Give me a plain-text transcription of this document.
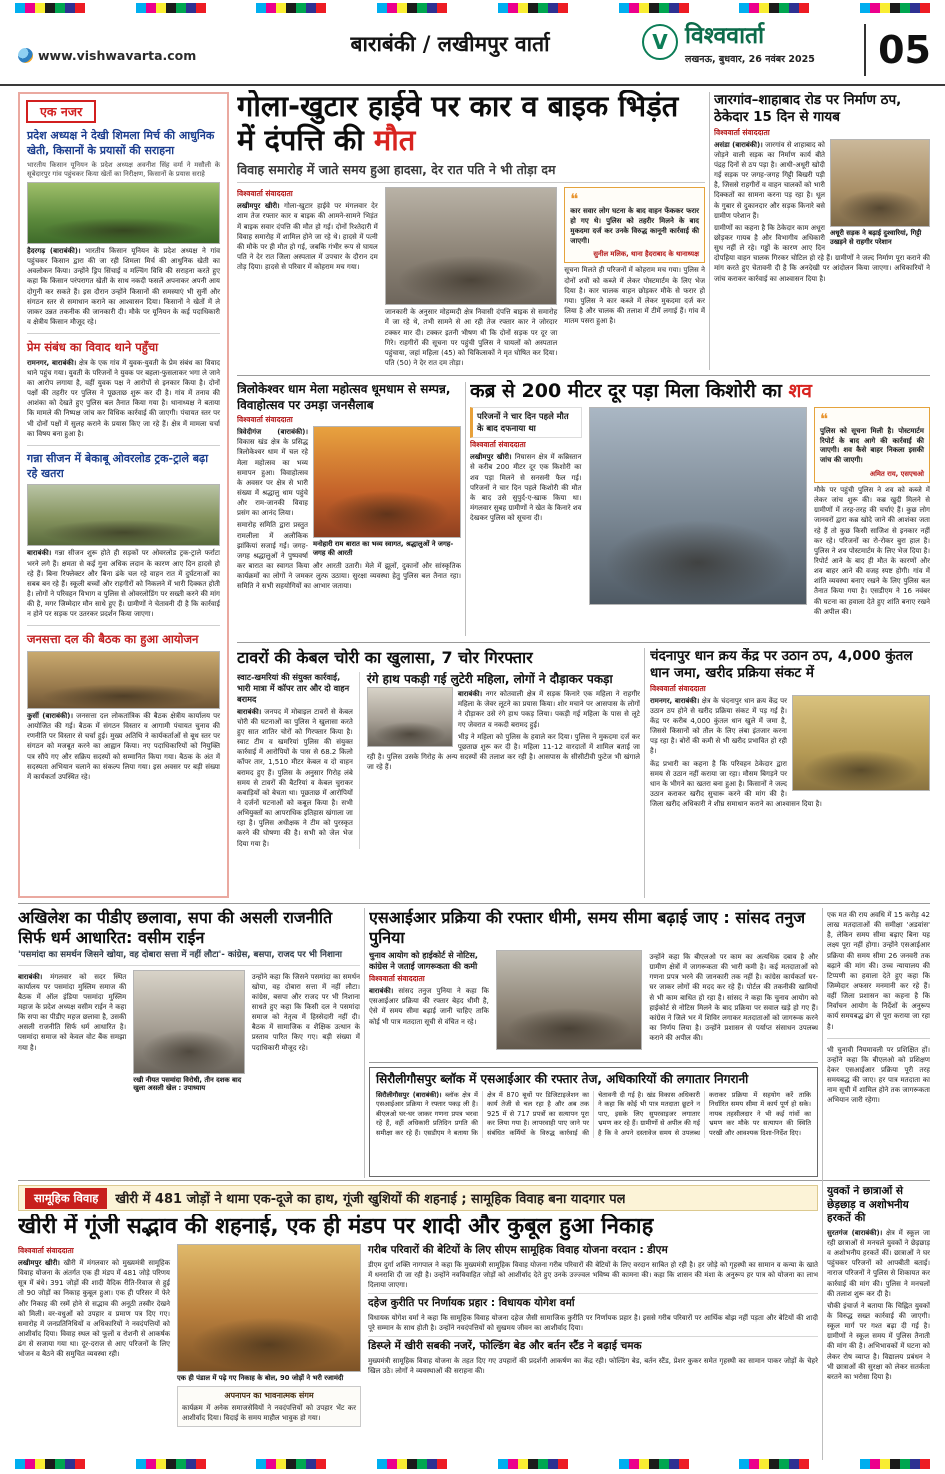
www.vishwavarta.com	बाराबंकी / लखीमपुर वार्ता	V विश्ववार्ता
लखनऊ, बुधवार, 26 नवंबर 2025	05
एक नजर
प्रदेश अध्यक्ष ने देखी शिमला मिर्च की आधुनिक खेती, किसानों के प्रयासों की सराहना
भारतीय किसान यूनियन के प्रदेश अध्यक्ष अवनीश सिंह वर्मा ने मसौली के सूबेदारपुर गांव पहुंचकर किया खेतों का निरीक्षण, किसानों के प्रयास सराहे

हैदरगढ़ (बाराबंकी)। भारतीय किसान यूनियन के प्रदेश अध्यक्ष ने गांव पहुंचकर किसान द्वारा की जा रही शिमला मिर्च की आधुनिक खेती का अवलोकन किया। उन्होंने ड्रिप सिंचाई व मल्चिंग विधि की सराहना करते हुए कहा कि किसान परंपरागत खेती के साथ नकदी फसलें अपनाकर अपनी आय दोगुनी कर सकते हैं। इस दौरान उन्होंने किसानों की समस्याएं भी सुनीं और संगठन स्तर से समाधान कराने का आश्वासन दिया। किसानों ने खेतों में ले जाकर उन्नत तकनीक की जानकारी दी। मौके पर यूनियन के कई पदाधिकारी व क्षेत्रीय किसान मौजूद रहे।

प्रेम संबंध का विवाद थाने पहुँचा

रामनगर, बाराबंकी। क्षेत्र के एक गांव में युवक-युवती के प्रेम संबंध का विवाद थाने पहुंच गया। युवती के परिजनों ने युवक पर बहला-फुसलाकर भगा ले जाने का आरोप लगाया है, वहीं युवक पक्ष ने आरोपों से इनकार किया है। दोनों पक्षों की तहरीर पर पुलिस ने पूछताछ शुरू कर दी है। गांव में तनाव की आशंका को देखते हुए पुलिस बल तैनात किया गया है। थानाध्यक्ष ने बताया कि मामले की निष्पक्ष जांच कर विधिक कार्रवाई की जाएगी। पंचायत स्तर पर भी दोनों पक्षों में सुलह कराने के प्रयास किए जा रहे हैं। क्षेत्र में मामला चर्चा का विषय बना हुआ है।

गन्ना सीजन में बेकाबू ओवरलोड ट्रक-ट्राले बढ़ा रहे खतरा

बाराबंकी। गन्ना सीजन शुरू होते ही सड़कों पर ओवरलोड ट्रक-ट्राले फर्राटा भरने लगे हैं। क्षमता से कई गुना अधिक लदान के कारण आए दिन हादसे हो रहे हैं। बिना रिफ्लेक्टर और बिना ढंके चल रहे वाहन रात में दुर्घटनाओं का सबब बन रहे हैं। स्कूली बच्चों और राहगीरों को निकलने में भारी दिक्कत होती है। लोगों ने परिवहन विभाग व पुलिस से ओवरलोडिंग पर सख्ती करने की मांग की है, मगर जिम्मेदार मौन साधे हुए हैं। ग्रामीणों ने चेतावनी दी है कि कार्रवाई न होने पर सड़क पर उतरकर प्रदर्शन किया जाएगा।

जनसत्ता दल की बैठक का हुआ आयोजन

कुर्सी (बाराबंकी)। जनसत्ता दल लोकतांत्रिक की बैठक क्षेत्रीय कार्यालय पर आयोजित की गई। बैठक में संगठन विस्तार व आगामी पंचायत चुनाव की रणनीति पर विस्तार से चर्चा हुई। मुख्य अतिथि ने कार्यकर्ताओं से बूथ स्तर पर संगठन को मजबूत करने का आह्वान किया। नए पदाधिकारियों को नियुक्ति पत्र सौंपे गए और सक्रिय सदस्यों को सम्मानित किया गया। बैठक के अंत में सदस्यता अभियान चलाने का संकल्प लिया गया। इस अवसर पर बड़ी संख्या में कार्यकर्ता उपस्थित रहे।

गोला-खुटार हाईवे पर कार व बाइक भिड़ंत में दंपत्ति की मौत
विवाह समारोह में जाते समय हुआ हादसा, देर रात पति ने भी तोड़ा दम
विश्ववार्ता संवाददाता

लखीमपुर खीरी। गोला-खुटार हाईवे पर मंगलवार देर शाम तेज रफ्तार कार व बाइक की आमने-सामने भिड़ंत में बाइक सवार दंपत्ति की मौत हो गई। दोनों रिश्तेदारी में विवाह समारोह में शामिल होने जा रहे थे। हादसे में पत्नी की मौके पर ही मौत हो गई, जबकि गंभीर रूप से घायल पति ने देर रात जिला अस्पताल में उपचार के दौरान दम तोड़ दिया। हादसे से परिवार में कोहराम मच गया।

जानकारी के अनुसार मोहम्मदी क्षेत्र निवासी दंपत्ति बाइक से समारोह में जा रहे थे, तभी सामने से आ रही तेज रफ्तार कार ने जोरदार टक्कर मार दी। टक्कर इतनी भीषण थी कि दोनों सड़क पर दूर जा गिरे। राहगीरों की सूचना पर पहुंची पुलिस ने घायलों को अस्पताल पहुंचाया, जहां महिला (45) को चिकित्सकों ने मृत घोषित कर दिया। पति (50) ने देर रात दम तोड़ा।

❝ कार सवार लोग घटना के बाद वाहन फेंककर फरार हो गए थे। पुलिस को तहरीर मिलने के बाद मुकदमा दर्ज कर उनके विरुद्ध कानूनी कार्रवाई की जाएगी।

सुनील मलिक, थाना हैदराबाद के थानाध्यक्ष

सूचना मिलते ही परिजनों में कोहराम मच गया। पुलिस ने दोनों शवों को कब्जे में लेकर पोस्टमार्टम के लिए भेज दिया है। कार चालक वाहन छोड़कर मौके से फरार हो गया। पुलिस ने कार कब्जे में लेकर मुकदमा दर्ज कर लिया है और चालक की तलाश में टीमें लगाई हैं। गांव में मातम पसरा हुआ है।

जारगांव–शाहाबाद रोड पर निर्माण ठप, ठेकेदार 15 दिन से गायब
विश्ववार्ता संवाददाता
अधूरी सड़क ने बढ़ाई दुश्वारियां, गिट्टी उखड़ने से राहगीर परेशान

असंडा (बाराबंकी)। जारगांव से शाहाबाद को जोड़ने वाली सड़क का निर्माण कार्य बीते पंद्रह दिनों से ठप पड़ा है। आधी-अधूरी खोदी गई सड़क पर जगह-जगह गिट्टी बिखरी पड़ी है, जिससे राहगीरों व वाहन चालकों को भारी दिक्कतों का सामना करना पड़ रहा है। धूल के गुबार से दुकानदार और सड़क किनारे बसे ग्रामीण परेशान हैं।

ग्रामीणों का कहना है कि ठेकेदार काम अधूरा छोड़कर गायब है और विभागीय अधिकारी सुध नहीं ले रहे। गड्ढों के कारण आए दिन दोपहिया वाहन चालक गिरकर चोटिल हो रहे हैं। ग्रामीणों ने जल्द निर्माण पूरा कराने की मांग करते हुए चेतावनी दी है कि अनदेखी पर आंदोलन किया जाएगा। अधिकारियों ने जांच कराकर कार्रवाई का आश्वासन दिया है।

त्रिलोकेश्वर धाम मेला महोत्सव धूमधाम से सम्पन्न, विवाहोत्सव पर उमड़ा जनसैलाब
विश्ववार्ता संवाददाता
मनोहारी राम बारात का भव्य स्वागत, श्रद्धालुओं ने जगह-जगह की आरती

त्रिवेदीगंज (बाराबंकी)। विकास खंड क्षेत्र के प्रसिद्ध त्रिलोकेश्वर धाम में चल रहे मेला महोत्सव का भव्य समापन हुआ। विवाहोत्सव के अवसर पर क्षेत्र से भारी संख्या में श्रद्धालु धाम पहुंचे और राम-जानकी विवाह प्रसंग का आनंद लिया।

समारोह समिति द्वारा प्रस्तुत रामलीला में अलौकिक झांकियां सजाई गईं। जगह-जगह श्रद्धालुओं ने पुष्पवर्षा कर बारात का स्वागत किया और आरती उतारी। मेले में झूलों, दुकानों और सांस्कृतिक कार्यक्रमों का लोगों ने जमकर लुत्फ उठाया। सुरक्षा व्यवस्था हेतु पुलिस बल तैनात रहा। समिति ने सभी सहयोगियों का आभार जताया।

कब्र से 200 मीटर दूर पड़ा मिला किशोरी का शव
परिजनों ने चार दिन पहले मौत के बाद दफनाया था
विश्ववार्ता संवाददाता

लखीमपुर खीरी। निघासन क्षेत्र में कब्रिस्तान से करीब 200 मीटर दूर एक किशोरी का शव पड़ा मिलने से सनसनी फैल गई। परिजनों ने चार दिन पहले किशोरी की मौत के बाद उसे सुपुर्द-ए-खाक किया था। मंगलवार सुबह ग्रामीणों ने खेत के किनारे शव देखकर पुलिस को सूचना दी।

❝ पुलिस को सूचना मिली है। पोस्टमार्टम रिपोर्ट के बाद आगे की कार्रवाई की जाएगी। शव कैसे बाहर निकला इसकी जांच की जाएगी।

अमित राय, एसएचओ

मौके पर पहुंची पुलिस ने शव को कब्जे में लेकर जांच शुरू की। कब्र खुदी मिलने से ग्रामीणों में तरह-तरह की चर्चाएं हैं। कुछ लोग जानवरों द्वारा कब्र खोदे जाने की आशंका जता रहे हैं तो कुछ किसी साजिश से इनकार नहीं कर रहे। परिजनों का रो-रोकर बुरा हाल है। पुलिस ने शव पोस्टमार्टम के लिए भेज दिया है। रिपोर्ट आने के बाद ही मौत के कारणों और शव बाहर आने की वजह स्पष्ट होगी। गांव में शांति व्यवस्था बनाए रखने के लिए पुलिस बल तैनात किया गया है। एसडीएम ने 16 नवंबर की घटना का हवाला देते हुए शांति बनाए रखने की अपील की।

टावरों की केबल चोरी का खुलासा, 7 चोर गिरफ्तार
स्वाट-खमरियां की संयुक्त कार्रवाई, भारी मात्रा में कॉपर तार और दो वाहन बरामद

बाराबंकी। जनपद में मोबाइल टावरों से केबल चोरी की घटनाओं का पुलिस ने खुलासा करते हुए सात शातिर चोरों को गिरफ्तार किया है। स्वाट टीम व खमरियां पुलिस की संयुक्त कार्रवाई में आरोपियों के पास से 68.2 किलो कॉपर तार, 1,510 मीटर केबल व दो वाहन बरामद हुए हैं। पुलिस के अनुसार गिरोह लंबे समय से टावरों की बैटरियां व केबल चुराकर कबाड़ियों को बेचता था। पूछताछ में आरोपियों ने दर्जनों घटनाओं को कबूल किया है। सभी अभियुक्तों का आपराधिक इतिहास खंगाला जा रहा है। पुलिस अधीक्षक ने टीम को पुरस्कृत करने की घोषणा की है। सभी को जेल भेज दिया गया है।

रंगे हाथ पकड़ी गई लुटेरी महिला, लोगों ने दौड़ाकर पकड़ा

बाराबंकी। नगर कोतवाली क्षेत्र में सड़क किनारे एक महिला ने राहगीर महिला के जेवर लूटने का प्रयास किया। शोर मचाने पर आसपास के लोगों ने दौड़ाकर उसे रंगे हाथ पकड़ लिया। पकड़ी गई महिला के पास से लूटे गए जेवरात व नकदी बरामद हुई।

भीड़ ने महिला को पुलिस के हवाले कर दिया। पुलिस ने मुकदमा दर्ज कर पूछताछ शुरू कर दी है। महिला 11-12 वारदातों में शामिल बताई जा रही है। पुलिस उसके गिरोह के अन्य सदस्यों की तलाश कर रही है। आसपास के सीसीटीवी फुटेज भी खंगाले जा रहे हैं।

चंदनापुर धान क्रय केंद्र पर उठान ठप, 4,000 कुंतल धान जमा, खरीद प्रक्रिया संकट में
विश्ववार्ता संवाददाता

रामनगर, बाराबंकी। क्षेत्र के चंदनापुर धान क्रय केंद्र पर उठान ठप होने से खरीद प्रक्रिया संकट में पड़ गई है। केंद्र पर करीब 4,000 कुंतल धान खुले में जमा है, जिससे किसानों को तौल के लिए लंबा इंतजार करना पड़ रहा है। बोरों की कमी से भी खरीद प्रभावित हो रही है।

केंद्र प्रभारी का कहना है कि परिवहन ठेकेदार द्वारा समय से उठान नहीं कराया जा रहा। मौसम बिगड़ने पर धान के भीगने का खतरा बना हुआ है। किसानों ने जल्द उठान कराकर खरीद सुचारू करने की मांग की है। जिला खरीद अधिकारी ने शीघ्र समाधान कराने का आश्वासन दिया है।

अखिलेश का पीडीए छलावा, सपा की असली राजनीति सिर्फ धर्म आधारित: वसीम राईन
'पसमांदा का समर्थन जिसने खोया, वह दोबारा सत्ता में नहीं लौटा'- कांग्रेस, बसपा, राजद पर भी निशाना

बाराबंकी। मंगलवार को सदर स्थित कार्यालय पर पसमांदा मुस्लिम समाज की बैठक में ऑल इंडिया पसमांदा मुस्लिम महाज के प्रदेश अध्यक्ष वसीम राईन ने कहा कि सपा का पीडीए महज छलावा है, उसकी असली राजनीति सिर्फ धर्म आधारित है। पसमांदा समाज को केवल वोट बैंक समझा गया है।

रखी नीयत पसमांदा विरोधी, तीन दशक बाद खुला असली खेल : उपाध्याय

उन्होंने कहा कि जिसने पसमांदा का समर्थन खोया, वह दोबारा सत्ता में नहीं लौटा। कांग्रेस, बसपा और राजद पर भी निशाना साधते हुए कहा कि किसी दल ने पसमांदा समाज को नेतृत्व में हिस्सेदारी नहीं दी। बैठक में सामाजिक व शैक्षिक उत्थान के प्रस्ताव पारित किए गए। बड़ी संख्या में पदाधिकारी मौजूद रहे।

एसआईआर प्रक्रिया की रफ्तार धीमी, समय सीमा बढ़ाई जाए : सांसद तनुज पुनिया
चुनाव आयोग को हाईकोर्ट से नोटिस, कांग्रेस ने जताई जागरूकता की कमी
विश्ववार्ता संवाददाता

बाराबंकी। सांसद तनुज पुनिया ने कहा कि एसआईआर प्रक्रिया की रफ्तार बेहद धीमी है, ऐसे में समय सीमा बढ़ाई जानी चाहिए ताकि कोई भी पात्र मतदाता सूची से वंचित न रहे।

उन्होंने कहा कि बीएलओ पर काम का अत्यधिक दबाव है और ग्रामीण क्षेत्रों में जागरूकता की भारी कमी है। कई मतदाताओं को गणना प्रपत्र भरने की जानकारी तक नहीं है। कांग्रेस कार्यकर्ता घर-घर जाकर लोगों की मदद कर रहे हैं। पोर्टल की तकनीकी खामियों से भी काम बाधित हो रहा है। सांसद ने कहा कि चुनाव आयोग को हाईकोर्ट से नोटिस मिलने के बाद प्रक्रिया पर सवाल खड़े हो गए हैं। कांग्रेस ने जिले भर में शिविर लगाकर मतदाताओं को जागरूक करने का निर्णय लिया है। उन्होंने प्रशासन से पर्याप्त संसाधन उपलब्ध कराने की अपील की।

एक मत की राय अवधि में 15 करोड़ 42 लाख मतदाताओं की समीक्षा 'अडवांस' है, लेकिन समय सीमा बढ़ाए बिना यह लक्ष्य पूरा नहीं होगा। उन्होंने एसआईआर प्रक्रिया की समय सीमा 26 जनवरी तक बढ़ाने की मांग की। उच्च न्यायालय की टिप्पणी का हवाला देते हुए कहा कि जिम्मेदार अफसर मनमानी कर रहे हैं। वहीं जिला प्रशासन का कहना है कि निर्वाचन आयोग के निर्देशों के अनुरूप कार्य समयबद्ध ढंग से पूरा कराया जा रहा है।

भी चुनावी नियमावली पर प्रशिक्षित हों। उन्होंने कहा कि बीएलओ को प्रशिक्षण देकर एसआईआर प्रक्रिया पूरी तरह समयबद्ध की जाए। हर पात्र मतदाता का नाम सूची में शामिल होने तक जागरूकता अभियान जारी रहेगा।

सिरौलीगौसपुर ब्लॉक में एसआईआर की रफ्तार तेज, अधिकारियों की लगातार निगरानी
सिरौलीगौसपुर (बाराबंकी)। ब्लॉक क्षेत्र में एसआईआर प्रक्रिया ने रफ्तार पकड़ ली है। बीएलओ घर-घर जाकर गणना प्रपत्र भरवा रहे हैं, वहीं अधिकारी प्रतिदिन प्रगति की समीक्षा कर रहे हैं। एसडीएम ने बताया कि क्षेत्र में 870 बूथों पर डिजिटाइजेशन का कार्य तेजी से चल रहा है और अब तक 925 में से 717 प्रपत्रों का सत्यापन पूरा कर लिया गया है। लापरवाही पाए जाने पर संबंधित कर्मियों के विरुद्ध कार्रवाई की चेतावनी दी गई है। खंड विकास अधिकारी ने कहा कि कोई भी पात्र मतदाता छूटने न पाए, इसके लिए सुपरवाइजर लगातार भ्रमण कर रहे हैं। ग्रामीणों से अपील की गई है कि वे अपने दस्तावेज समय से उपलब्ध कराकर प्रक्रिया में सहयोग करें ताकि निर्धारित समय सीमा में कार्य पूर्ण हो सके। नायब तहसीलदार ने भी कई गांवों का भ्रमण कर मौके पर सत्यापन की स्थिति परखी और आवश्यक दिशा-निर्देश दिए।
सामूहिक विवाह	खीरी में 481 जोड़ों ने थामा एक-दूजे का हाथ, गूंजी खुशियों की शहनाई ; सामूहिक विवाह बना यादगार पल
खीरी में गूंजी सद्भाव की शहनाई, एक ही मंडप पर शादी और कुबूल हुआ निकाह
विश्ववार्ता संवाददाता

लखीमपुर खीरी। खीरी में मंगलवार को मुख्यमंत्री सामूहिक विवाह योजना के अंतर्गत एक ही मंडप में 481 जोड़े परिणय सूत्र में बंधे। 391 जोड़ों की शादी वैदिक रीति-रिवाज से हुई तो 90 जोड़ों का निकाह कुबूल हुआ। एक ही परिसर में फेरे और निकाह की रस्में होने से सद्भाव की अनूठी तस्वीर देखने को मिली। वर-वधुओं को उपहार व प्रमाण पत्र दिए गए। समारोह में जनप्रतिनिधियों व अधिकारियों ने नवदंपत्तियों को आशीर्वाद दिया। विवाह स्थल को फूलों व रोशनी से आकर्षक ढंग से सजाया गया था। दूर-दराज से आए परिजनों के लिए भोजन व बैठने की समुचित व्यवस्था रही।

एक ही पंडाल में पढ़े गए निकाह के बोल, 90 जोड़ों ने भरी रजामंदी
अपनापन का भावनात्मक संगम

कार्यक्रम में अनेक समाजसेवियों ने नवदंपत्तियों को उपहार भेंट कर आशीर्वाद दिया। विदाई के समय माहौल भावुक हो गया।

गरीब परिवारों की बेटियों के लिए सीएम सामूहिक विवाह योजना वरदान : डीएम

डीएम दुर्गा शक्ति नागपाल ने कहा कि मुख्यमंत्री सामूहिक विवाह योजना गरीब परिवारों की बेटियों के लिए वरदान साबित हो रही है। हर जोड़े को गृहस्थी का सामान व कन्या के खाते में धनराशि दी जा रही है। उन्होंने नवविवाहित जोड़ों को आशीर्वाद देते हुए उनके उज्ज्वल भविष्य की कामना की। कहा कि शासन की मंशा के अनुरूप हर पात्र को योजना का लाभ दिलाया जाएगा।

दहेज कुरीति पर निर्णायक प्रहार : विधायक योगेश वर्मा

विधायक योगेश वर्मा ने कहा कि सामूहिक विवाह योजना दहेज जैसी सामाजिक कुरीति पर निर्णायक प्रहार है। इससे गरीब परिवारों पर आर्थिक बोझ नहीं पड़ता और बेटियों की शादी पूरे सम्मान के साथ होती है। उन्होंने नवदंपत्तियों को सुखमय जीवन का आशीर्वाद दिया।

डिस्प्ले में खीरी सबकी नजरें, फोल्डिंग बेड और बर्तन स्टैंड ने बढ़ाई चमक

मुख्यमंत्री सामूहिक विवाह योजना के तहत दिए गए उपहारों की प्रदर्शनी आकर्षण का केंद्र रही। फोल्डिंग बेड, बर्तन स्टैंड, प्रेशर कुकर समेत गृहस्थी का सामान पाकर जोड़ों के चेहरे खिल उठे। लोगों ने व्यवस्थाओं की सराहना की।

युवकों ने छात्राओं से छेड़छाड़ व अशोभनीय हरकतें की

सुरतगंज (बाराबंकी)। क्षेत्र में स्कूल जा रही छात्राओं से मनचले युवकों ने छेड़छाड़ व अशोभनीय हरकतें कीं। छात्राओं ने घर पहुंचकर परिजनों को आपबीती बताई। नाराज परिजनों ने पुलिस से शिकायत कर कार्रवाई की मांग की। पुलिस ने मनचलों की तलाश शुरू कर दी है।

चौकी इंचार्ज ने बताया कि चिह्नित युवकों के विरुद्ध सख्त कार्रवाई की जाएगी। स्कूल मार्ग पर गश्त बढ़ा दी गई है। ग्रामीणों ने स्कूल समय में पुलिस तैनाती की मांग की है। अभिभावकों में घटना को लेकर रोष व्याप्त है। विद्यालय प्रबंधन ने भी छात्राओं की सुरक्षा को लेकर सतर्कता बरतने का भरोसा दिया है।
